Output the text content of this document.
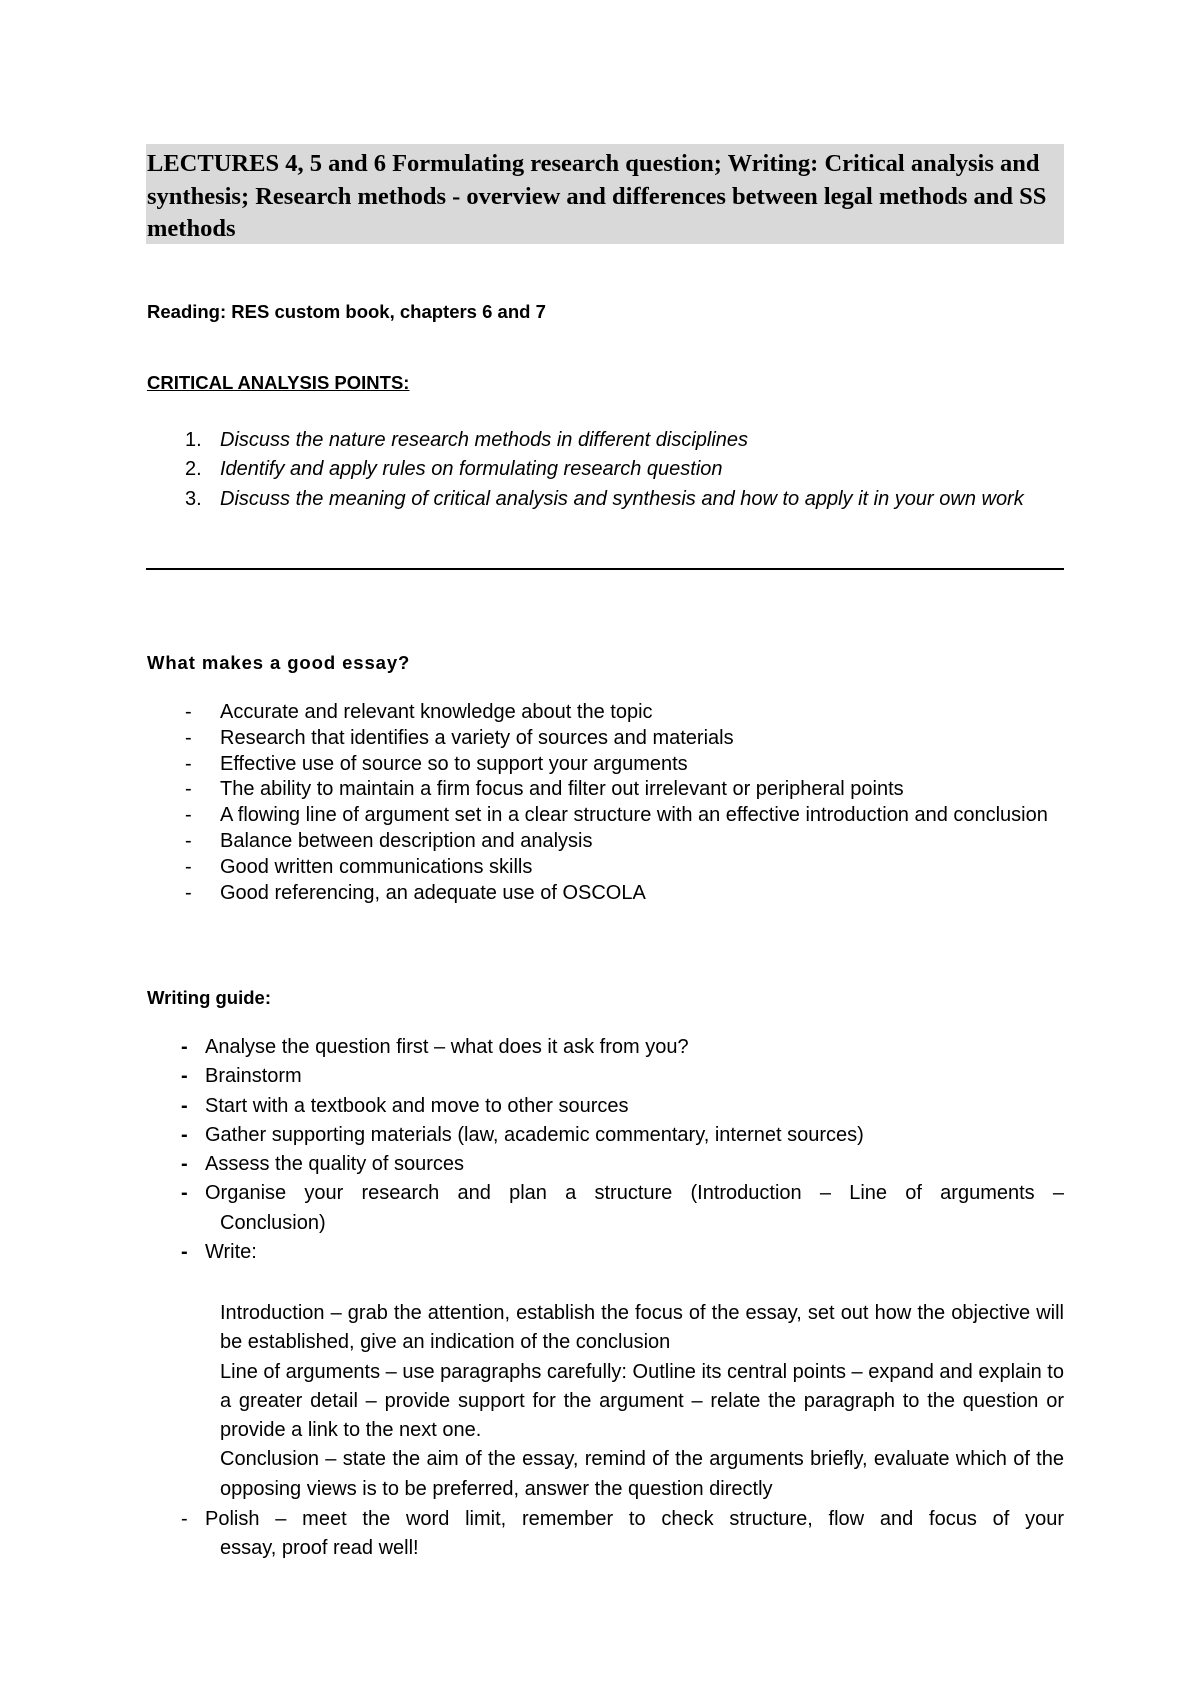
LECTURES 4, 5 and 6 Formulating research question; Writing: Critical analysis and synthesis; Research methods - overview and differences between legal methods and SS methods

Reading: RES custom book, chapters 6 and 7

CRITICAL ANALYSIS POINTS:

1. Discuss the nature research methods in different disciplines
2. Identify and apply rules on formulating research question
3. Discuss the meaning of critical analysis and synthesis and how to apply it in your own work

What makes a good essay?

- Accurate and relevant knowledge about the topic
- Research that identifies a variety of sources and materials
- Effective use of source so to support your arguments
- The ability to maintain a firm focus and filter out irrelevant or peripheral points
- A flowing line of argument set in a clear structure with an effective introduction and conclusion
- Balance between description and analysis
- Good written communications skills
- Good referencing, an adequate use of OSCOLA

Writing guide:

- Analyse the question first – what does it ask from you?
- Brainstorm
- Start with a textbook and move to other sources
- Gather supporting materials (law, academic commentary, internet sources)
- Assess the quality of sources
- Organise your research and plan a structure (Introduction – Line of arguments –
Conclusion)
- Write:

Introduction – grab the attention, establish the focus of the essay, set out how the objective will be established, give an indication of the conclusion

Line of arguments – use paragraphs carefully: Outline its central points – expand and explain to a greater detail – provide support for the argument – relate the paragraph to the question or provide a link to the next one.

Conclusion – state the aim of the essay, remind of the arguments briefly, evaluate which of the opposing views is to be preferred, answer the question directly

- Polish – meet the word limit, remember to check structure, flow and focus of your
essay, proof read well!
